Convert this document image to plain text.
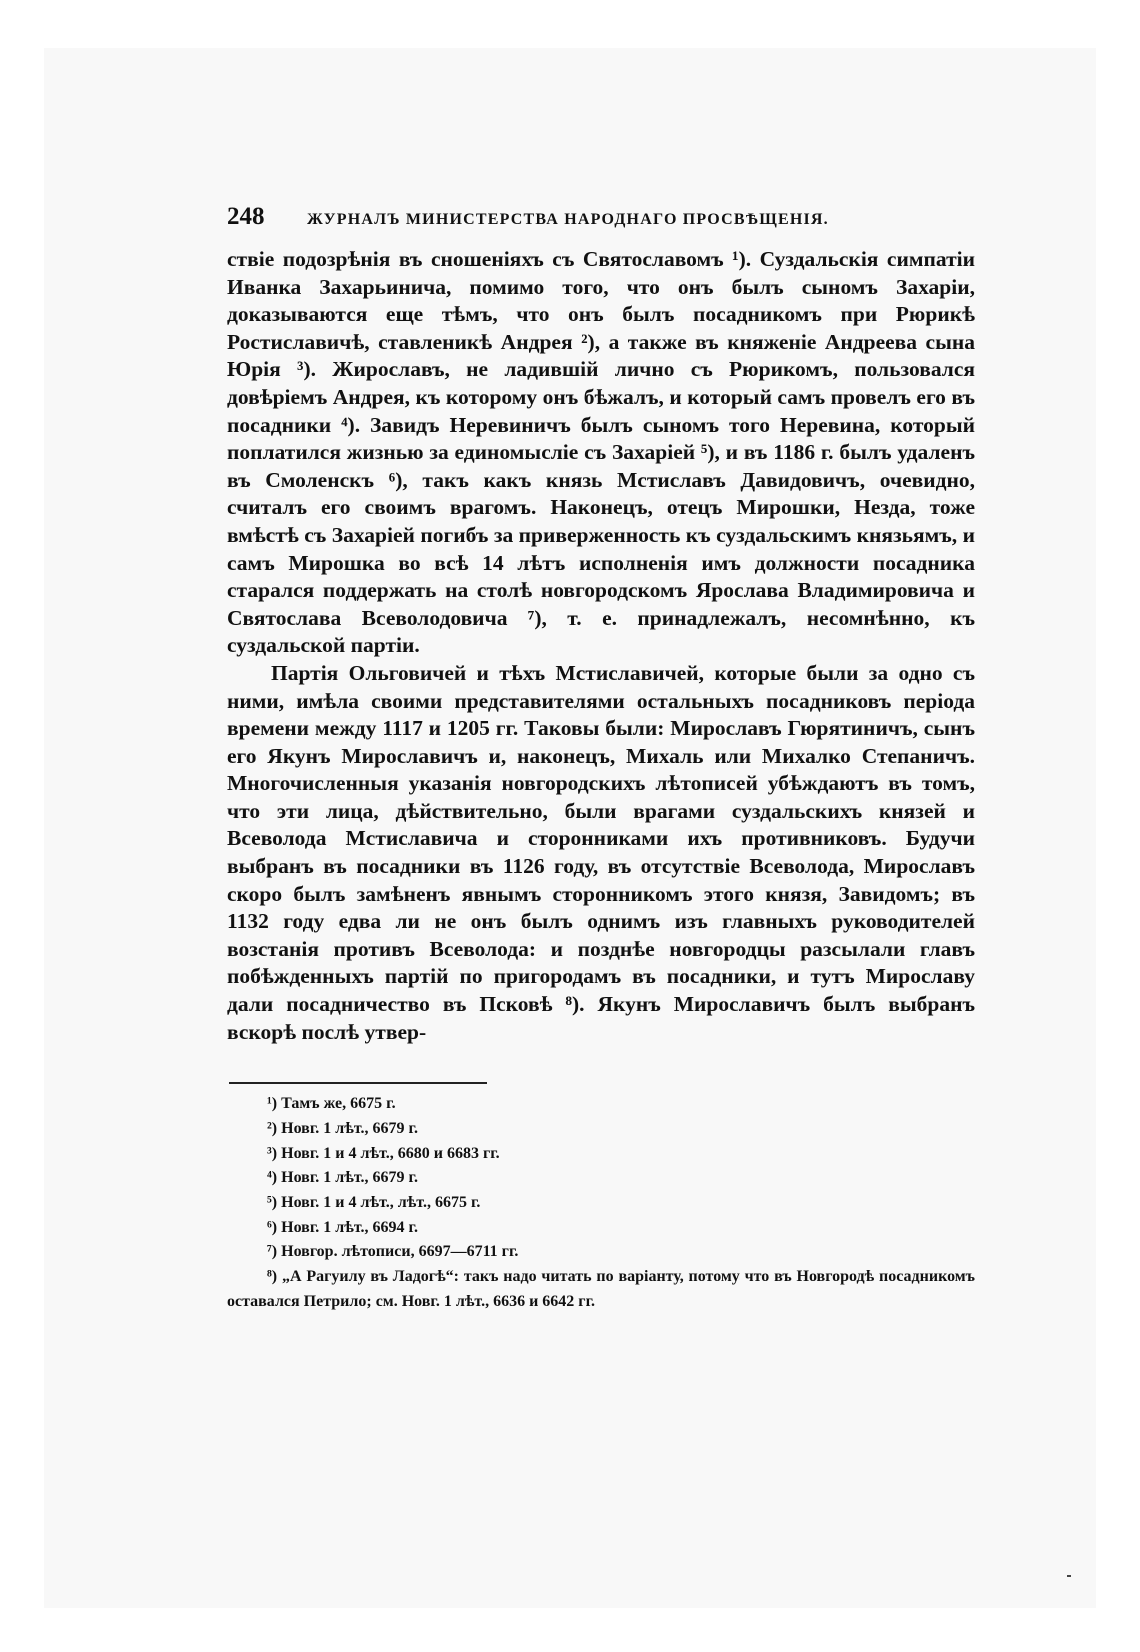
248	ЖУРНАЛЪ МИНИСТЕРСТВА НАРОДНАГО ПРОСВѢЩЕНІЯ.

ствіе подозрѣнія въ сношеніяхъ съ Святославомъ ¹). Суздальскія симпатіи Иванка Захарьинича, помимо того, что онъ былъ сыномъ Захаріи, доказываются еще тѣмъ, что онъ былъ посадникомъ при Рюрикѣ Ростиславичѣ, ставленикѣ Андрея ²), а также въ княженіе Андреева сына Юрія ³). Жирославъ, не ладившій лично съ Рюрикомъ, пользовался довѣріемъ Андрея, къ которому онъ бѣжалъ, и который самъ провелъ его въ посадники ⁴). Завидъ Неревиничъ былъ сыномъ того Неревина, который поплатился жизнью за единомысліе съ Захаріей ⁵), и въ 1186 г. былъ удаленъ въ Смоленскъ ⁶), такъ какъ князь Мстиславъ Давидовичъ, очевидно, считалъ его своимъ врагомъ. Наконецъ, отецъ Мирошки, Незда, тоже вмѣстѣ съ Захаріей погибъ за приверженность къ суздальскимъ князьямъ, и самъ Мирошка во всѣ 14 лѣтъ исполненія имъ должности посадника старался поддержать на столѣ новгородскомъ Ярослава Владимировича и Святослава Всеволодовича ⁷), т. е. принадлежалъ, несомнѣнно, къ суздальской партіи.

Партія Ольговичей и тѣхъ Мстиславичей, которые были за одно съ ними, имѣла своими представителями остальныхъ посадниковъ періода времени между 1117 и 1205 гг. Таковы были: Мирославъ Гюрятиничъ, сынъ его Якунъ Мирославичъ и, наконецъ, Михаль или Михалко Степаничъ. Многочисленныя указанія новгородскихъ лѣтописей убѣждаютъ въ томъ, что эти лица, дѣйствительно, были врагами суздальскихъ князей и Всеволода Мстиславича и сторонниками ихъ противниковъ. Будучи выбранъ въ посадники въ 1126 году, въ отсутствіе Всеволода, Мирославъ скоро былъ замѣненъ явнымъ сторонникомъ этого князя, Завидомъ; въ 1132 году едва ли не онъ былъ однимъ изъ главныхъ руководителей возстанія противъ Всеволода: и позднѣе новгородцы разсылали главъ побѣжденныхъ партій по пригородамъ въ посадники, и тутъ Мирославу дали посадничество въ Псковѣ ⁸). Якунъ Мирославичъ былъ выбранъ вскорѣ послѣ утвер-

¹) Тамъ же, 6675 г.
²) Новг. 1 лѣт., 6679 г.
³) Новг. 1 и 4 лѣт., 6680 и 6683 гг.
⁴) Новг. 1 лѣт., 6679 г.
⁵) Новг. 1 и 4 лѣт., лѣт., 6675 г.
⁶) Новг. 1 лѣт., 6694 г.
⁷) Новгор. лѣтописи, 6697—6711 гг.
⁸) „А Рагуилу въ Ладогѣ“: такъ надо читать по варіанту, потому что въ Новгородѣ посадникомъ оставался Петрило; см. Новг. 1 лѣт., 6636 и 6642 гг.
